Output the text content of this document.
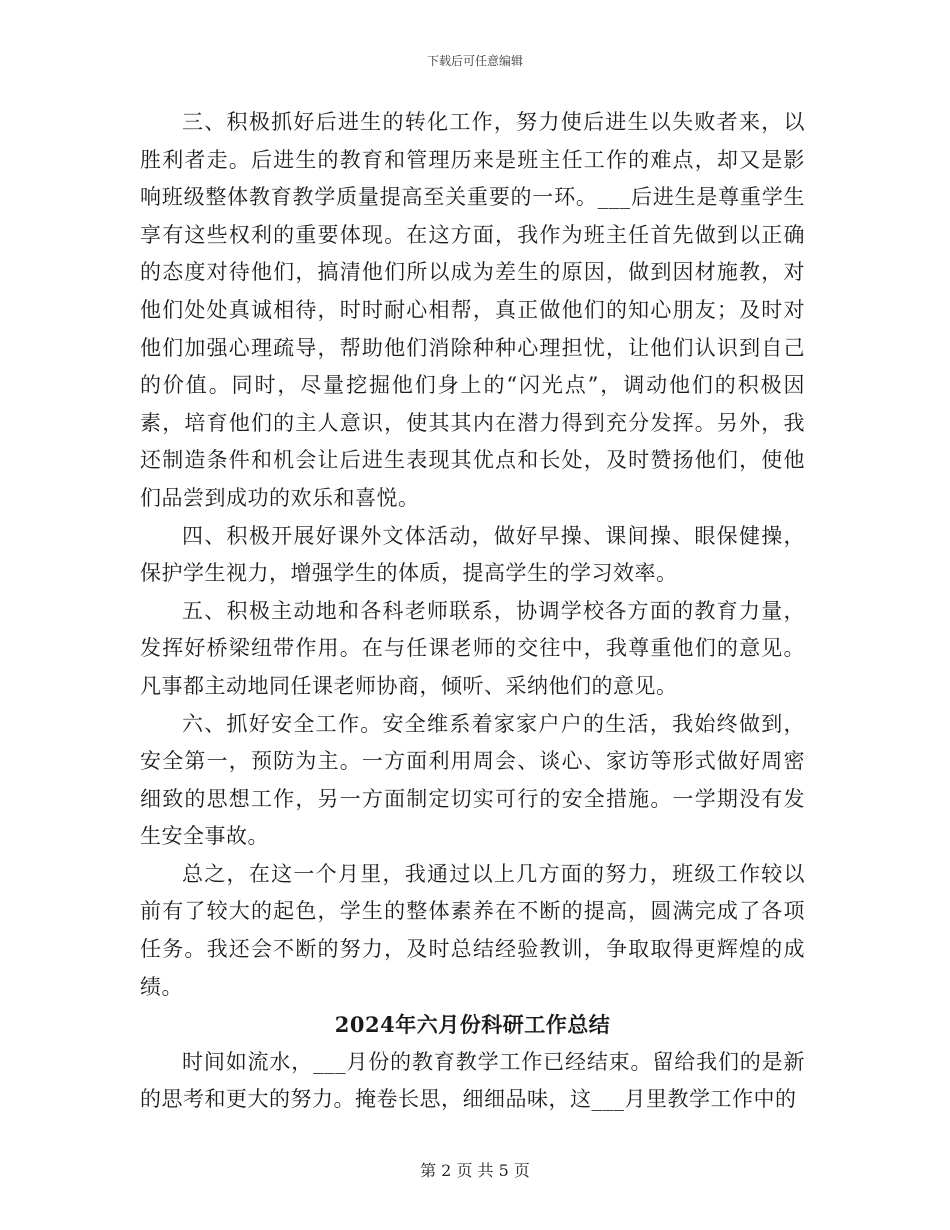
下载后可任意编辑

三、积极抓好后进生的转化工作，努力使后进生以失败者来，以胜利者走。后进生的教育和管理历来是班主任工作的难点，却又是影响班级整体教育教学质量提高至关重要的一环。___后进生是尊重学生享有这些权利的重要体现。在这方面，我作为班主任首先做到以正确的态度对待他们，搞清他们所以成为差生的原因，做到因材施教，对他们处处真诚相待，时时耐心相帮，真正做他们的知心朋友；及时对他们加强心理疏导，帮助他们消除种种心理担忧，让他们认识到自己的价值。同时，尽量挖掘他们身上的“闪光点”，调动他们的积极因素，培育他们的主人意识，使其其内在潜力得到充分发挥。另外，我还制造条件和机会让后进生表现其优点和长处，及时赞扬他们，使他们品尝到成功的欢乐和喜悦。

四、积极开展好课外文体活动，做好早操、课间操、眼保健操，保护学生视力，增强学生的体质，提高学生的学习效率。

五、积极主动地和各科老师联系，协调学校各方面的教育力量，发挥好桥梁纽带作用。在与任课老师的交往中，我尊重他们的意见。凡事都主动地同任课老师协商，倾听、采纳他们的意见。

六、抓好安全工作。安全维系着家家户户的生活，我始终做到，安全第一，预防为主。一方面利用周会、谈心、家访等形式做好周密细致的思想工作，另一方面制定切实可行的安全措施。一学期没有发生安全事故。

总之，在这一个月里，我通过以上几方面的努力，班级工作较以前有了较大的起色，学生的整体素养在不断的提高，圆满完成了各项任务。我还会不断的努力，及时总结经验教训，争取取得更辉煌的成绩。

2024年六月份科研工作总结

时间如流水，___月份的教育教学工作已经结束。留给我们的是新的思考和更大的努力。掩卷长思，细细品味，这___月里教学工作中的

第 2 页 共 5 页
